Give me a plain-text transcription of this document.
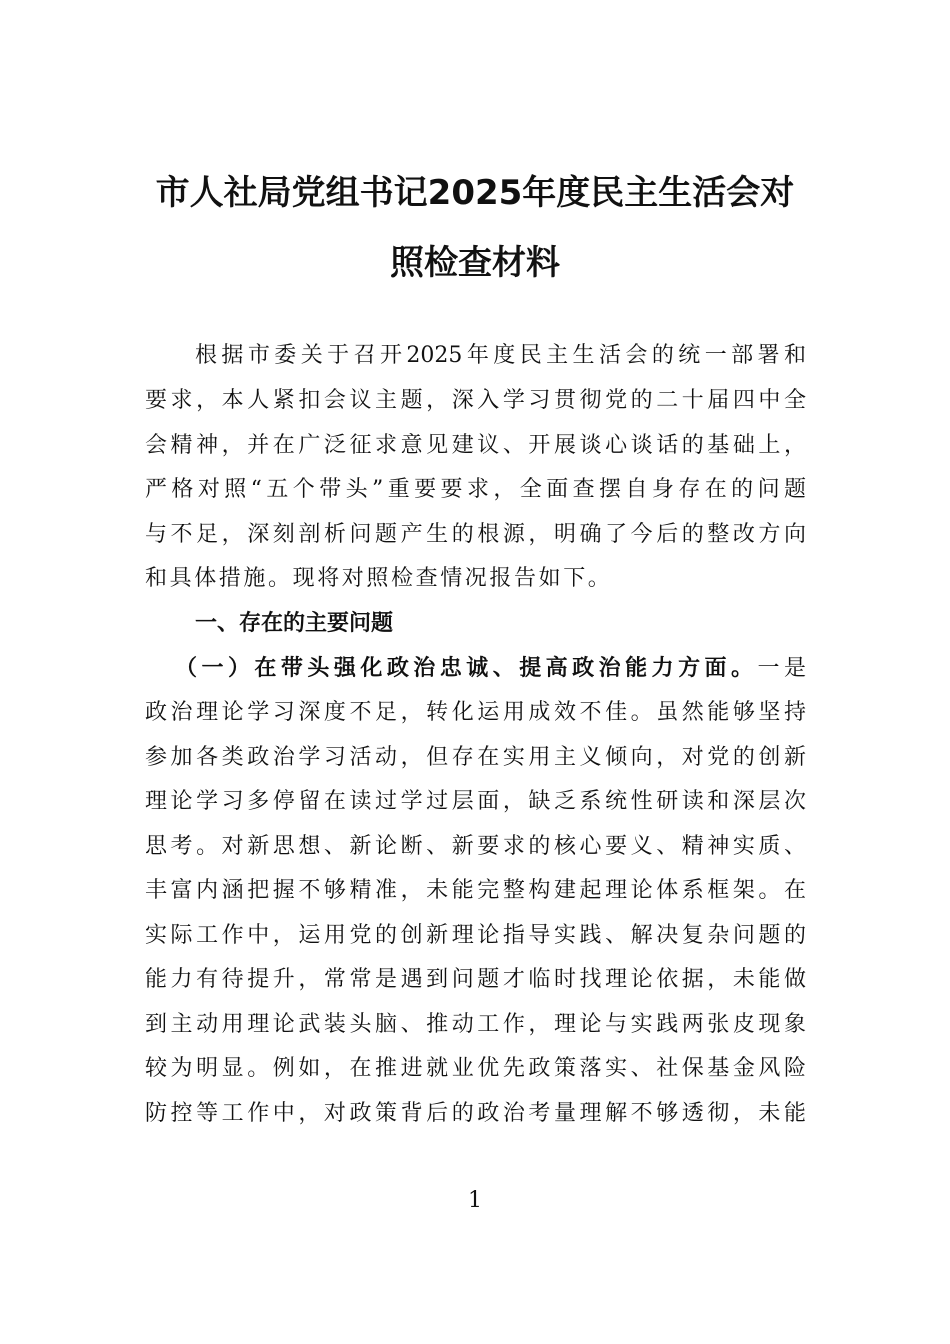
市人社局党组书记2025年度民主生活会对
照检查材料
根据市委关于召开2025年度民主生活会的统一部署和
要求，本人紧扣会议主题，深入学习贯彻党的二十届四中全
会精神，并在广泛征求意见建议、开展谈心谈话的基础上，
严格对照“五个带头”重要要求，全面查摆自身存在的问题
与不足，深刻剖析问题产生的根源，明确了今后的整改方向
和具体措施。现将对照检查情况报告如下。
一、存在的主要问题
（一）在带头强化政治忠诚、提高政治能力方面。一是
政治理论学习深度不足，转化运用成效不佳。虽然能够坚持
参加各类政治学习活动，但存在实用主义倾向，对党的创新
理论学习多停留在读过学过层面，缺乏系统性研读和深层次
思考。对新思想、新论断、新要求的核心要义、精神实质、
丰富内涵把握不够精准，未能完整构建起理论体系框架。在
实际工作中，运用党的创新理论指导实践、解决复杂问题的
能力有待提升，常常是遇到问题才临时找理论依据，未能做
到主动用理论武装头脑、推动工作，理论与实践两张皮现象
较为明显。例如，在推进就业优先政策落实、社保基金风险
防控等工作中，对政策背后的政治考量理解不够透彻，未能
1
